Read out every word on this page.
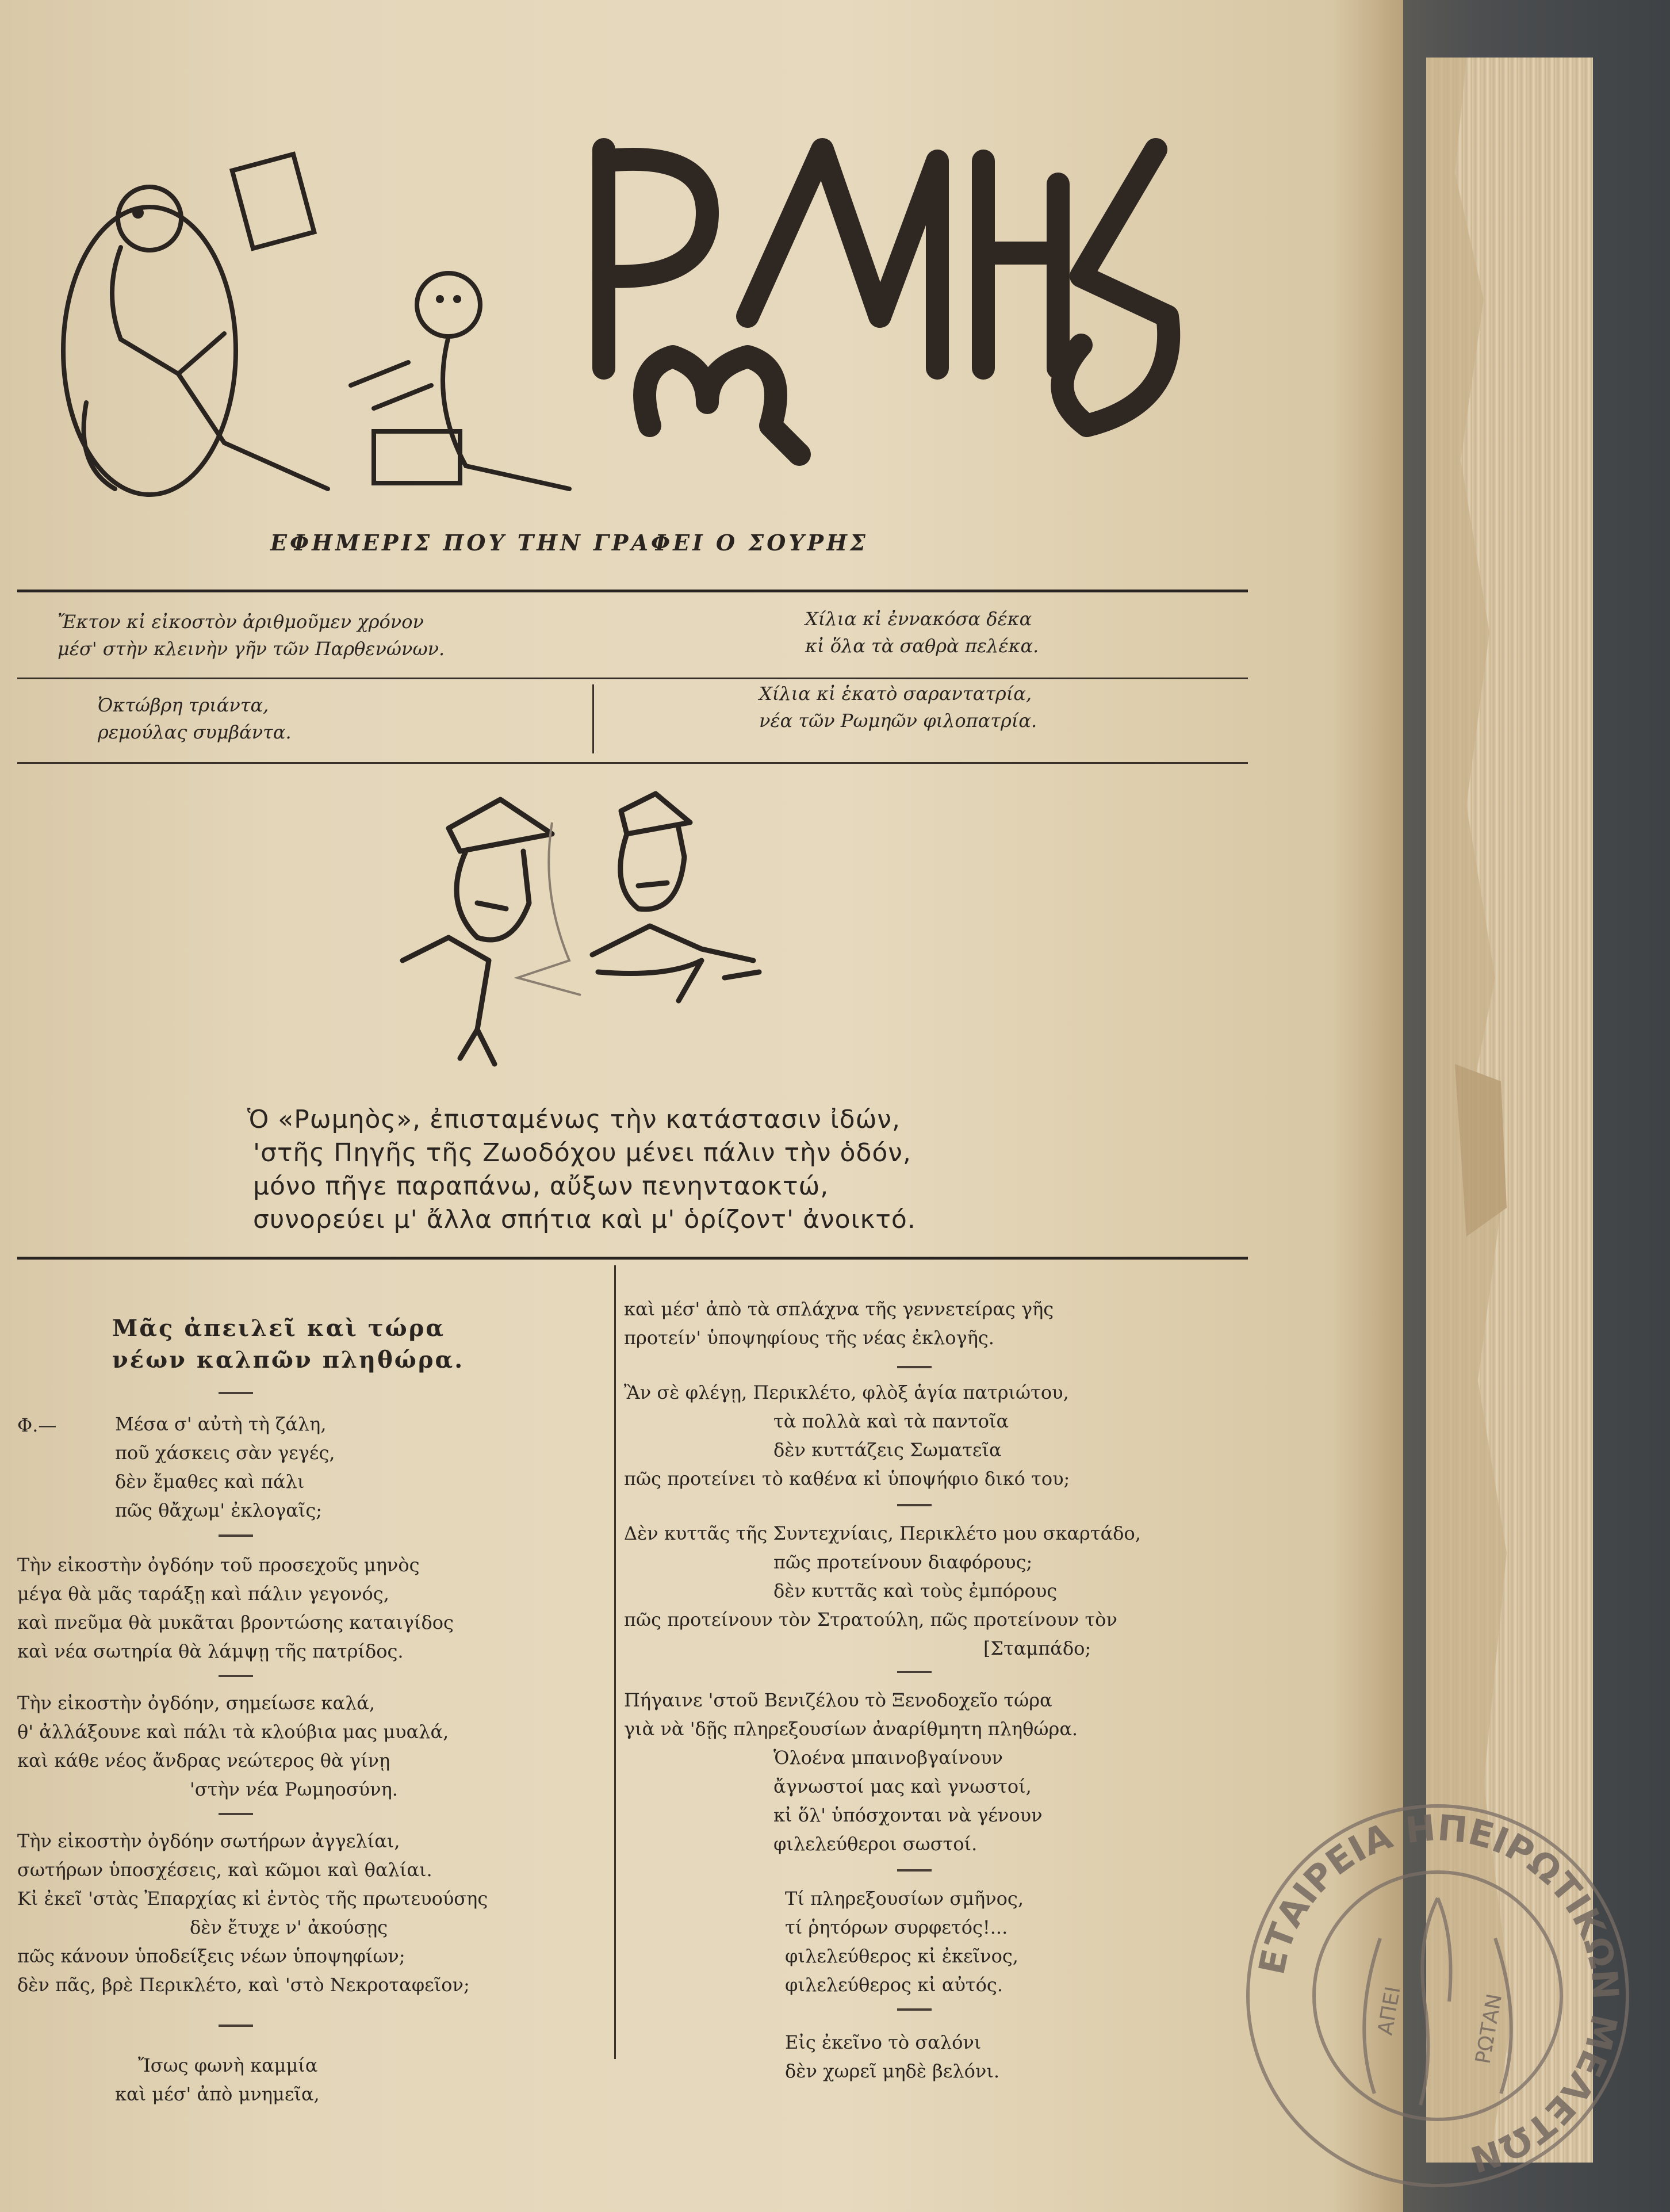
ΕΦΗΜΕΡΙΣ ΠΟΥ ΤΗΝ ΓΡΑΦΕΙ Ο ΣΟΥΡΗΣ
Ἔκτον κἰ εἰκοστὸν ἀριθμοῦμεν χρόνον
μέσ' στὴν κλεινὴν γῆν τῶν Παρθενώνων.
Χίλια κἰ ἐννακόσα δέκα
κἰ ὅλα τὰ σαθρὰ πελέκα.
Ὀκτώβρη τριάντα,
ρεμούλας συμβάντα.
Χίλια κἰ ἑκατὸ σαραντατρία,
νέα τῶν Ρωμηῶν φιλοπατρία.
Ὁ «Ρωμηὸς», ἐπισταμένως τὴν κατάστασιν ἰδών,
'στῆς Πηγῆς τῆς Ζωοδόχου μένει πάλιν τὴν ὁδόν,
μόνο πῆγε παραπάνω, αὔξων πενηνταοκτώ,
συνορεύει μ' ἄλλα σπήτια καὶ μ' ὁρίζοντ' ἀνοικτό.
Μᾶς ἀπειλεῖ καὶ τώρα
νέων καλπῶν πληθώρα.
Φ.—	Μέσα σ' αὐτὴ τὴ ζάλη,
ποῦ χάσκεις σὰν γεγές,
δὲν ἔμαθες καὶ πάλι
πῶς θἄχωμ' ἐκλογαῖς;
Τὴν εἰκοστὴν ὀγδόην τοῦ προσεχοῦς μηνὸς
μέγα θὰ μᾶς ταράξῃ καὶ πάλιν γεγονός,
καὶ πνεῦμα θὰ μυκᾶται βροντώσης καταιγίδος
καὶ νέα σωτηρία θὰ λάμψῃ τῆς πατρίδος.
Τὴν εἰκοστὴν ὀγδόην, σημείωσε καλά,
θ' ἀλλάξουνε καὶ πάλι τὰ κλούβια μας μυαλά,
καὶ κάθε νέος ἄνδρας νεώτερος θὰ γίνῃ
'στὴν νέα Ρωμηοσύνη.
Τὴν εἰκοστὴν ὀγδόην σωτήρων ἀγγελίαι,
σωτήρων ὑποσχέσεις, καὶ κῶμοι καὶ θαλίαι.
Κἰ ἐκεῖ 'στὰς Ἐπαρχίας κἰ ἐντὸς τῆς πρωτευούσης
δὲν ἔτυχε ν' ἀκούσῃς
πῶς κάνουν ὑποδείξεις νέων ὑποψηφίων;
δὲν πᾶς, βρὲ Περικλέτο, καὶ 'στὸ Νεκροταφεῖον;
Ἴσως φωνὴ καμμία
καὶ μέσ' ἀπὸ μνημεῖα,
καὶ μέσ' ἀπὸ τὰ σπλάχνα τῆς γεννετείρας γῆς
προτείν' ὑποψηφίους τῆς νέας ἐκλογῆς.
Ἂν σὲ φλέγῃ, Περικλέτο, φλὸξ ἁγία πατριώτου,
τὰ πολλὰ καὶ τὰ παντοῖα
δὲν κυττάζεις Σωματεῖα
πῶς προτείνει τὸ καθένα κἰ ὑποψήφιο δικό του;
Δὲν κυττᾶς τῆς Συντεχνίαις, Περικλέτο μου σκαρτάδο,
πῶς προτείνουν διαφόρους;
δὲν κυττᾶς καὶ τοὺς ἐμπόρους
πῶς προτείνουν τὸν Στρατούλη, πῶς προτείνουν τὸν
[Σταμπάδο;
Πήγαινε 'στοῦ Βενιζέλου τὸ Ξενοδοχεῖο τώρα
γιὰ νὰ 'δῇς πληρεξουσίων ἀναρίθμητη πληθώρα.
Ὁλοένα μπαινοβγαίνουν
ἄγνωστοί μας καὶ γνωστοί,
κἰ ὅλ' ὑπόσχονται νὰ γένουν
φιλελεύθεροι σωστοί.
Τί πληρεξουσίων σμῆνος,
τί ῥητόρων συρφετός!...
φιλελεύθερος κἰ ἐκεῖνος,
φιλελεύθερος κἰ αὐτός.
Εἰς ἐκεῖνο τὸ σαλόνι
δὲν χωρεῖ μηδὲ βελόνι.
ΕΤΑΙΡΕΙΑ ΗΠΕΙΡΩΤΙΚΩΝ ΜΕΛΕΤΩΝ
ΑΠΕΙ	ΡΩΤΑΝ
